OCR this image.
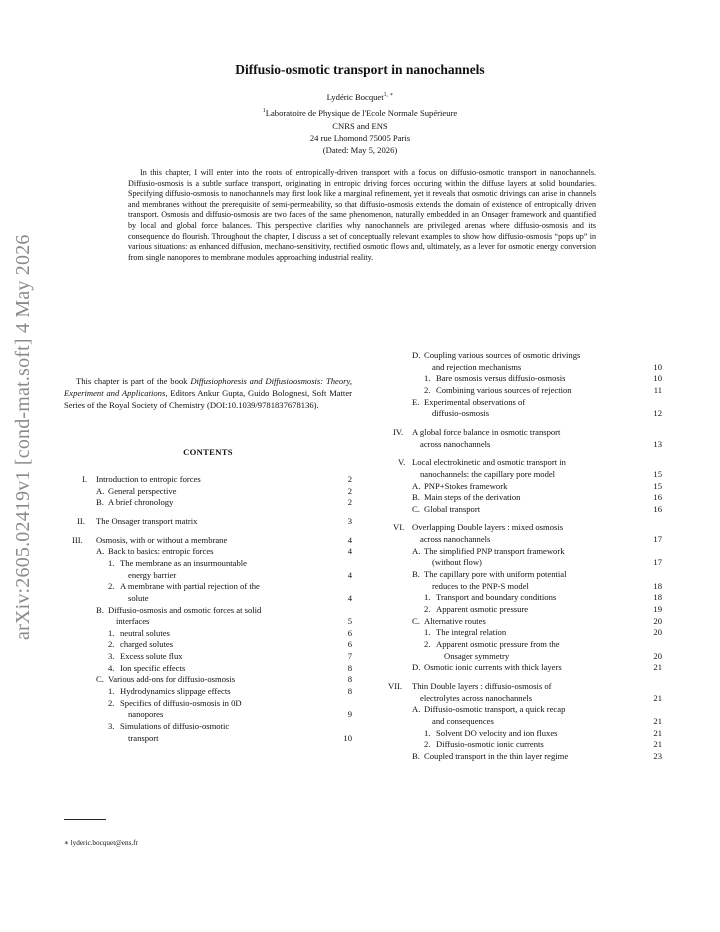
arXiv:2605.02419v1 [cond-mat.soft] 4 May 2026
Diffusio-osmotic transport in nanochannels
Lydéric Bocquet$^{1, ∗}$
$^1$Laboratoire de Physique de l'Ecole Normale Supérieure
CNRS and ENS
24 rue Lhomond 75005 Paris
(Dated: May 5, 2026)

In this chapter, I will enter into the roots of entropically-driven transport with a focus on diffusio-osmotic transport in nanochannels. Diffusio-osmosis is a subtle surface transport, originating in entropic driving forces occuring within the diffuse layers at solid boundaries. Specifying diffusio-osmosis to nanochannels may first look like a marginal refinement, yet it reveals that osmotic drivings can arise in channels and membranes without the prerequisite of semi-permeability, so that diffusio-osmosis extends the domain of existence of entropically driven transport. Osmosis and diffusio-osmosis are two faces of the same phenomenon, naturally embedded in an Onsager framework and quantified by local and global force balances. This perspective clarifies why nanochannels are privileged arenas where diffusio-osmosis and its consequence do flourish. Throughout the chapter, I discuss a set of conceptually relevant examples to show how diffusio-osmosis “pops up” in various situations: as enhanced diffusion, mechano-sensitivity, rectified osmotic flows and, ultimately, as a lever for osmotic energy conversion from single nanopores to membrane modules approaching industrial reality.

This chapter is part of the book Diffusiophoresis and Diffusioosmosis: Theory, Experiment and Applications, Editors Ankur Gupta, Guido Bolognesi, Soft Matter Series of the Royal Society of Chemistry (DOI:10.1039/9781837678136).

CONTENTS
I. Introduction to entropic forces	2
A. General perspective	2
B. A brief chronology	2
II. The Onsager transport matrix	3
III. Osmosis, with or without a membrane	4
A. Back to basics: entropic forces	4
1. The membrane as an insurmountable
energy barrier	4
2. A membrane with partial rejection of the
solute	4
B. Diffusio-osmosis and osmotic forces at solid
interfaces	5
1. neutral solutes	6
2. charged solutes	6
3. Excess solute flux	7
4. Ion specific effects	8
C. Various add-ons for diffusio-osmosis	8
1. Hydrodynamics slippage effects	8
2. Specifics of diffusio-osmosis in 0D
nanopores	9
3. Simulations of diffusio-osmotic
transport	10
D. Coupling various sources of osmotic drivings
and rejection mechanisms	10
1. Bare osmosis versus diffusio-osmosis	10
2. Combining various sources of rejection	11
E. Experimental observations of
diffusio-osmosis	12
IV. A global force balance in osmotic transport
across nanochannels	13
V. Local electrokinetic and osmotic transport in
nanochannels: the capillary pore model	15
A. PNP+Stokes framework	15
B. Main steps of the derivation	16
C. Global transport	16
VI. Overlapping Double layers : mixed osmosis
across nanochannels	17
A. The simplified PNP transport framework
(without flow)	17
B. The capillary pore with uniform potential
reduces to the PNP-S model	18
1. Transport and boundary conditions	18
2. Apparent osmotic pressure	19
C. Alternative routes	20
1. The integral relation	20
2. Apparent osmotic pressure from the
Onsager symmetry	20
D. Osmotic ionic currents with thick layers	21
VII. Thin Double layers : diffusio-osmosis of
electrolytes across nanochannels	21
A. Diffusio-osmotic transport, a quick recap
and consequences	21
1. Solvent DO velocity and ion fluxes	21
2. Diffusio-osmotic ionic currents	21
B. Coupled transport in the thin layer regime	23
∗ lyderic.bocquet@ens.fr
